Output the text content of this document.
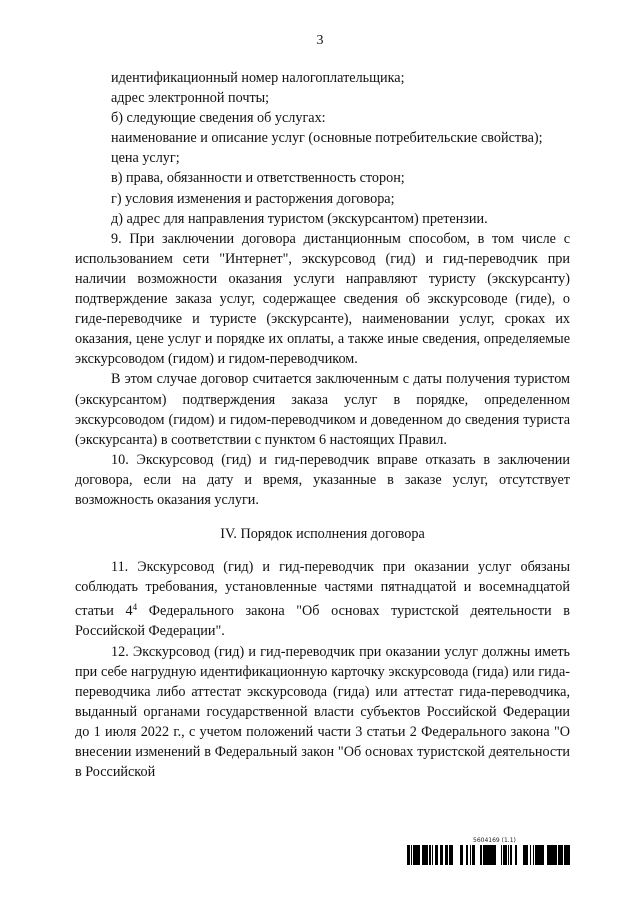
3

идентификационный номер налогоплательщика;

адрес электронной почты;

б) следующие сведения об услугах:

наименование и описание услуг (основные потребительские свойства);

цена услуг;

в) права, обязанности и ответственность сторон;

г) условия изменения и расторжения договора;

д) адрес для направления туристом (экскурсантом) претензии.

9. При заключении договора дистанционным способом, в том числе с использованием сети "Интернет", экскурсовод (гид) и гид-переводчик при наличии возможности оказания услуги направляют туристу (экскурсанту) подтверждение заказа услуг, содержащее сведения об экскурсоводе (гиде), о гиде-переводчике и туристе (экскурсанте), наименовании услуг, сроках их оказания, цене услуг и порядке их оплаты, а также иные сведения, определяемые экскурсоводом (гидом) и гидом-переводчиком.

В этом случае договор считается заключенным с даты получения туристом (экскурсантом) подтверждения заказа услуг в порядке, определенном экскурсоводом (гидом) и гидом-переводчиком и доведенном до сведения туриста (экскурсанта) в соответствии с пунктом 6 настоящих Правил.

10. Экскурсовод (гид) и гид-переводчик вправе отказать в заключении договора, если на дату и время, указанные в заказе услуг, отсутствует возможность оказания услуги.

IV. Порядок исполнения договора

11. Экскурсовод (гид) и гид-переводчик при оказании услуг обязаны соблюдать требования, установленные частями пятнадцатой и восемнадцатой статьи $4^4$ Федерального закона "Об основах туристской деятельности в Российской Федерации".

12. Экскурсовод (гид) и гид-переводчик при оказании услуг должны иметь при себе нагрудную идентификационную карточку экскурсовода (гида) или гида-переводчика либо аттестат экскурсовода (гида) или аттестат гида-переводчика, выданный органами государственной власти субъектов Российской Федерации до 1 июля 2022 г., с учетом положений части 3 статьи 2 Федерального закона "О внесении изменений в Федеральный закон "Об основах туристской деятельности в Российской

5604169 (1.1)
